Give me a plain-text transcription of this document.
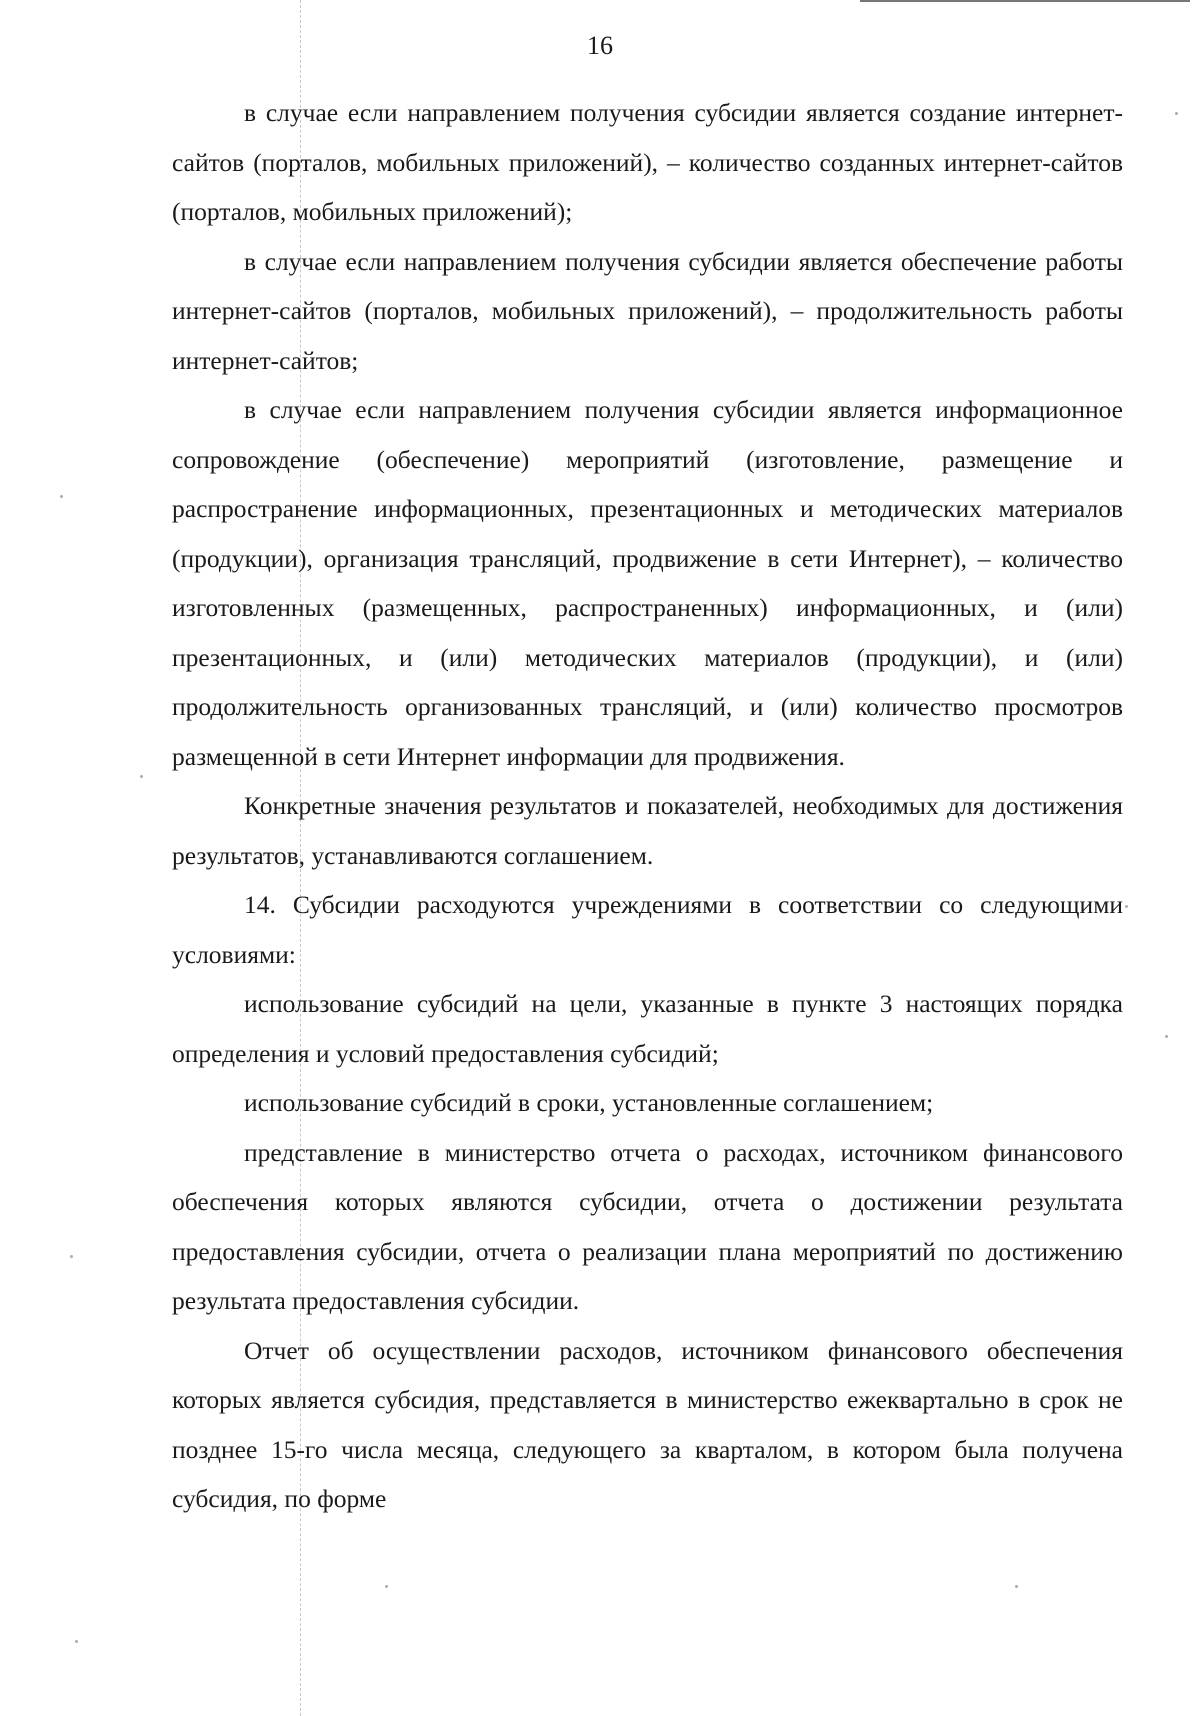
16

в случае если направлением получения субсидии является создание интернет-сайтов (порталов, мобильных приложений), – количество созданных интернет-сайтов (порталов, мобильных приложений);

в случае если направлением получения субсидии является обеспечение работы интернет-сайтов (порталов, мобильных приложений), – продолжительность работы интернет-сайтов;

в случае если направлением получения субсидии является информационное сопровождение (обеспечение) мероприятий (изготовление, размещение и распространение информационных, презентационных и методических материалов (продукции), организация трансляций, продвижение в сети Интернет), – количество изготовленных (размещенных, распространенных) информационных, и (или) презентационных, и (или) методических материалов (продукции), и (или) продолжительность организованных трансляций, и (или) количество просмотров размещенной в сети Интернет информации для продвижения.

Конкретные значения результатов и показателей, необходимых для достижения результатов, устанавливаются соглашением.

14. Субсидии расходуются учреждениями в соответствии со следующими условиями:

использование субсидий на цели, указанные в пункте 3 настоящих порядка определения и условий предоставления субсидий;

использование субсидий в сроки, установленные соглашением;

представление в министерство отчета о расходах, источником финансового обеспечения которых являются субсидии, отчета о достижении результата предоставления субсидии, отчета о реализации плана мероприятий по достижению результата предоставления субсидии.

Отчет об осуществлении расходов, источником финансового обеспечения которых является субсидия, представляется в министерство ежеквартально в срок не позднее 15-го числа месяца, следующего за кварталом, в котором была получена субсидия, по форме
